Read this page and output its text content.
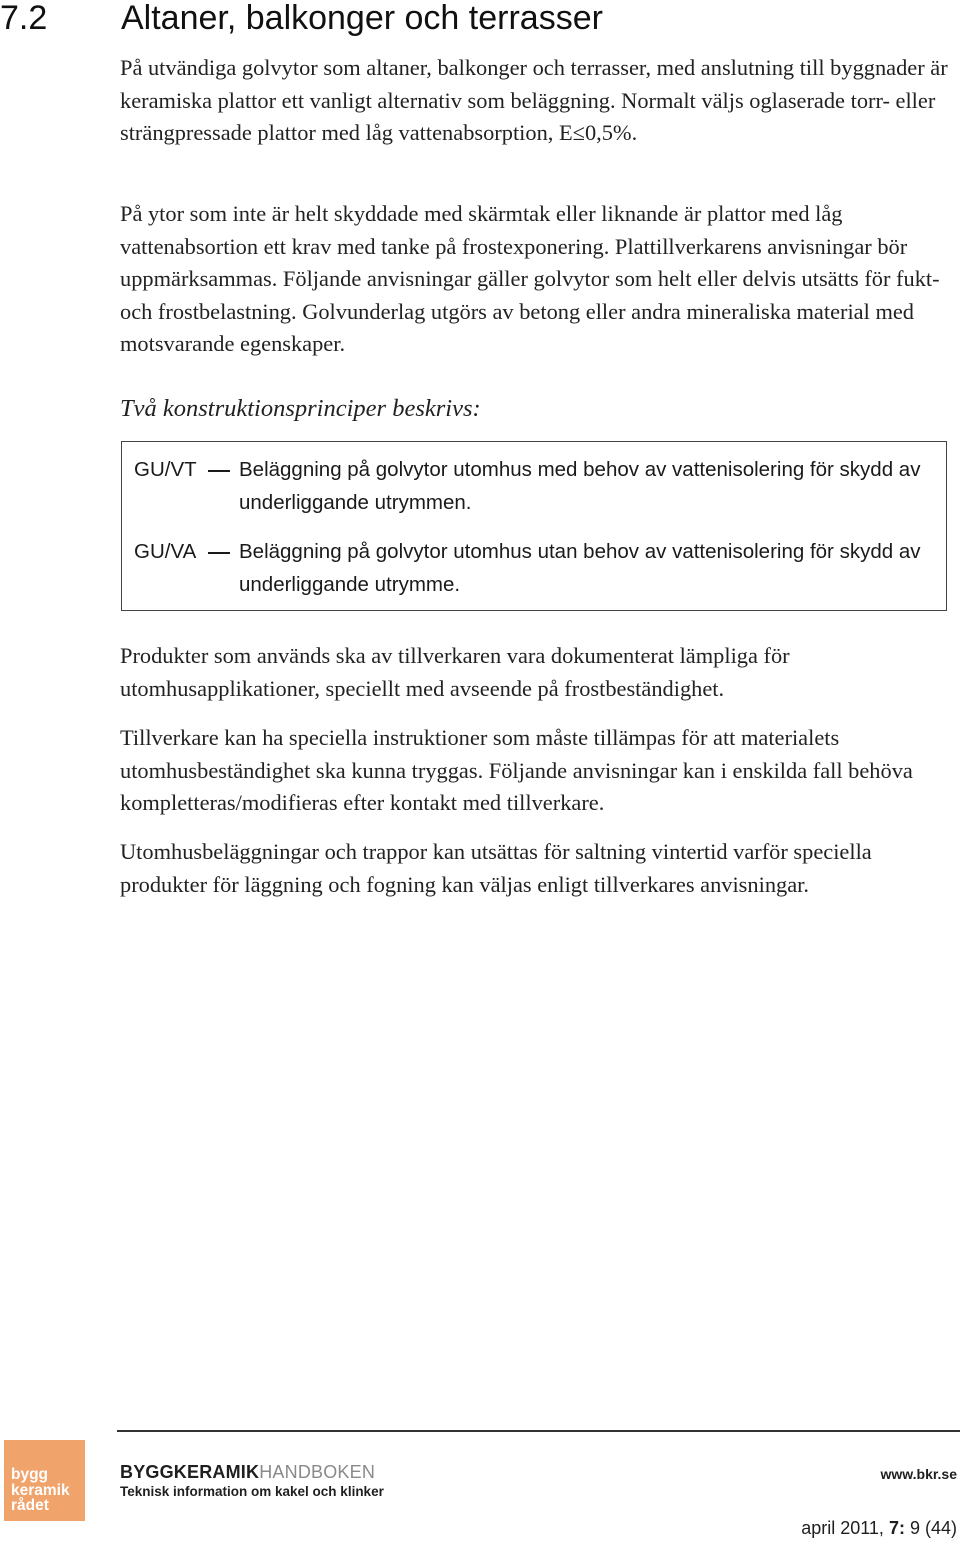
7.2 Altaner, balkonger och terrasser

På utvändiga golvytor som altaner, balkonger och terrasser, med anslutning till byggnader är keramiska plattor ett vanligt alternativ som beläggning. Normalt väljs oglaserade torr- eller strängpressade plattor med låg vattenabsorption, E≤0,5%.

På ytor som inte är helt skyddade med skärmtak eller liknande är plattor med låg vattenabsortion ett krav med tanke på frostexponering. Plattillverkarens anvisningar bör uppmärksammas. Följande anvisningar gäller golvytor som helt eller delvis utsätts för fukt- och frostbelastning. Golvunderlag utgörs av betong eller andra mineraliska material med motsvarande egenskaper.

Två konstruktionsprinciper beskrivs:
GU/VT Beläggning på golvytor utomhus med behov av vattenisolering för skydd av underliggande utrymmen.

GU/VA Beläggning på golvytor utomhus utan behov av vattenisolering för skydd av underliggande utrymme.

Produkter som används ska av tillverkaren vara dokumenterat lämpliga för utomhusapplikationer, speciellt med avseende på frostbeständighet.

Tillverkare kan ha speciella instruktioner som måste tillämpas för att materialets utomhusbeständighet ska kunna tryggas. Följande anvisningar kan i enskilda fall behöva kompletteras/modifieras efter kontakt med tillverkare.

Utomhusbeläggningar och trappor kan utsättas för saltning vintertid varför speciella produkter för läggning och fogning kan väljas enligt tillverkares anvisningar.

bygg
keramik
rådet
BYGGKERAMIKHANDBOKEN
Teknisk information om kakel och klinker
www.bkr.se
april 2011, 7: 9 (44)
